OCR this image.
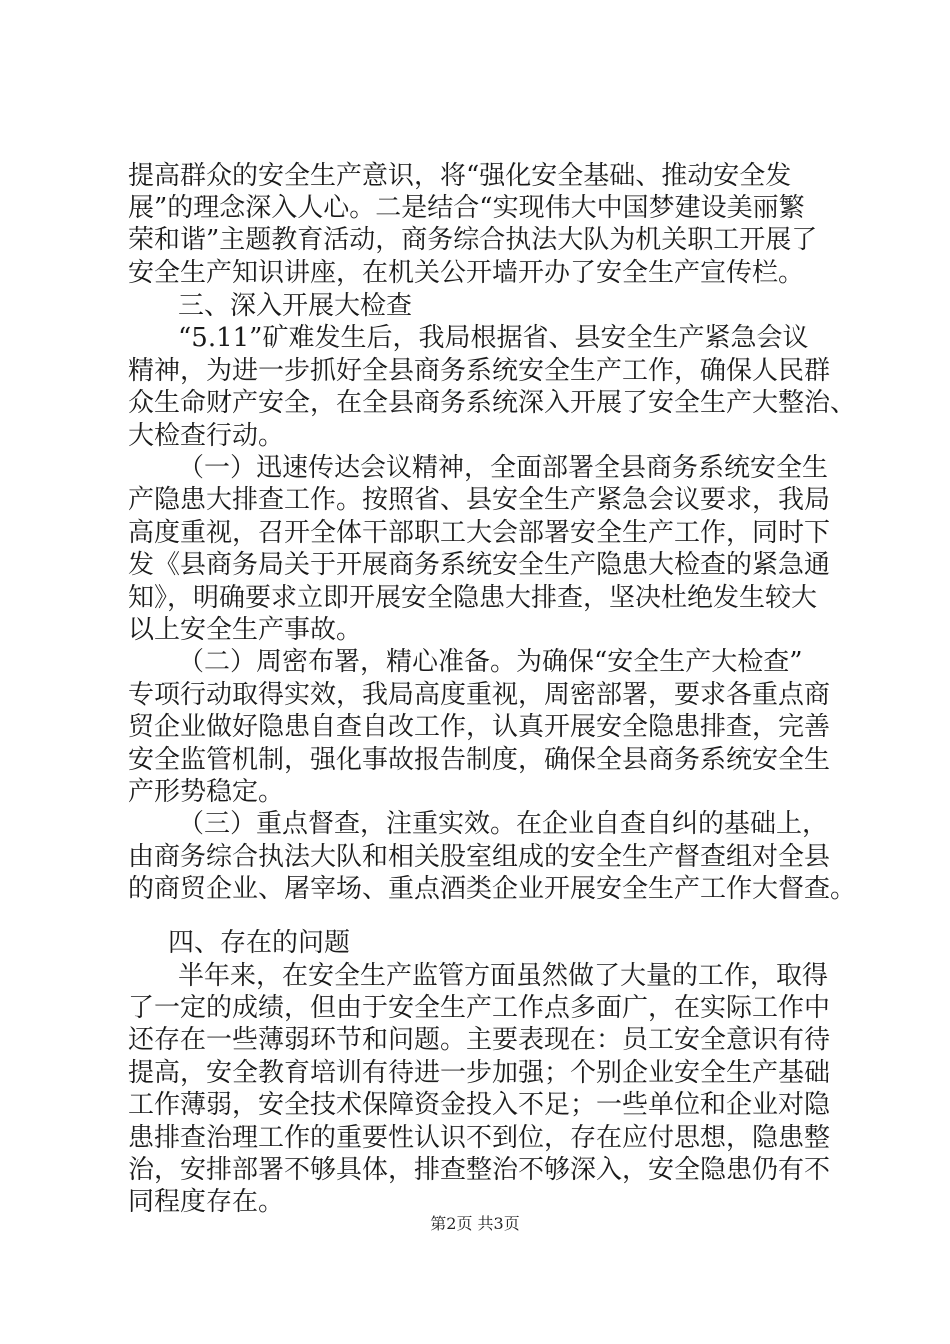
提高群众的安全生产意识，将“强化安全基础、推动安全发
展”的理念深入人心。二是结合“实现伟大中国梦建设美丽繁
荣和谐”主题教育活动，商务综合执法大队为机关职工开展了
安全生产知识讲座，在机关公开墙开办了安全生产宣传栏。
三、深入开展大检查
“5.11”矿难发生后，我局根据省、县安全生产紧急会议
精神，为进一步抓好全县商务系统安全生产工作，确保人民群
众生命财产安全，在全县商务系统深入开展了安全生产大整治、
大检查行动。
（一）迅速传达会议精神，全面部署全县商务系统安全生
产隐患大排查工作。按照省、县安全生产紧急会议要求，我局
高度重视，召开全体干部职工大会部署安全生产工作，同时下
发《县商务局关于开展商务系统安全生产隐患大检查的紧急通
知》，明确要求立即开展安全隐患大排查，坚决杜绝发生较大
以上安全生产事故。
（二）周密布署，精心准备。为确保“安全生产大检查”
专项行动取得实效，我局高度重视，周密部署，要求各重点商
贸企业做好隐患自查自改工作，认真开展安全隐患排查，完善
安全监管机制，强化事故报告制度，确保全县商务系统安全生
产形势稳定。
（三）重点督查，注重实效。在企业自查自纠的基础上，
由商务综合执法大队和相关股室组成的安全生产督查组对全县
的商贸企业、屠宰场、重点酒类企业开展安全生产工作大督查。
四、存在的问题
半年来，在安全生产监管方面虽然做了大量的工作，取得
了一定的成绩，但由于安全生产工作点多面广，在实际工作中
还存在一些薄弱环节和问题。主要表现在：员工安全意识有待
提高，安全教育培训有待进一步加强；个别企业安全生产基础
工作薄弱，安全技术保障资金投入不足；一些单位和企业对隐
患排查治理工作的重要性认识不到位，存在应付思想，隐患整
治，安排部署不够具体，排查整治不够深入，安全隐患仍有不
同程度存在。
第2页 共3页
